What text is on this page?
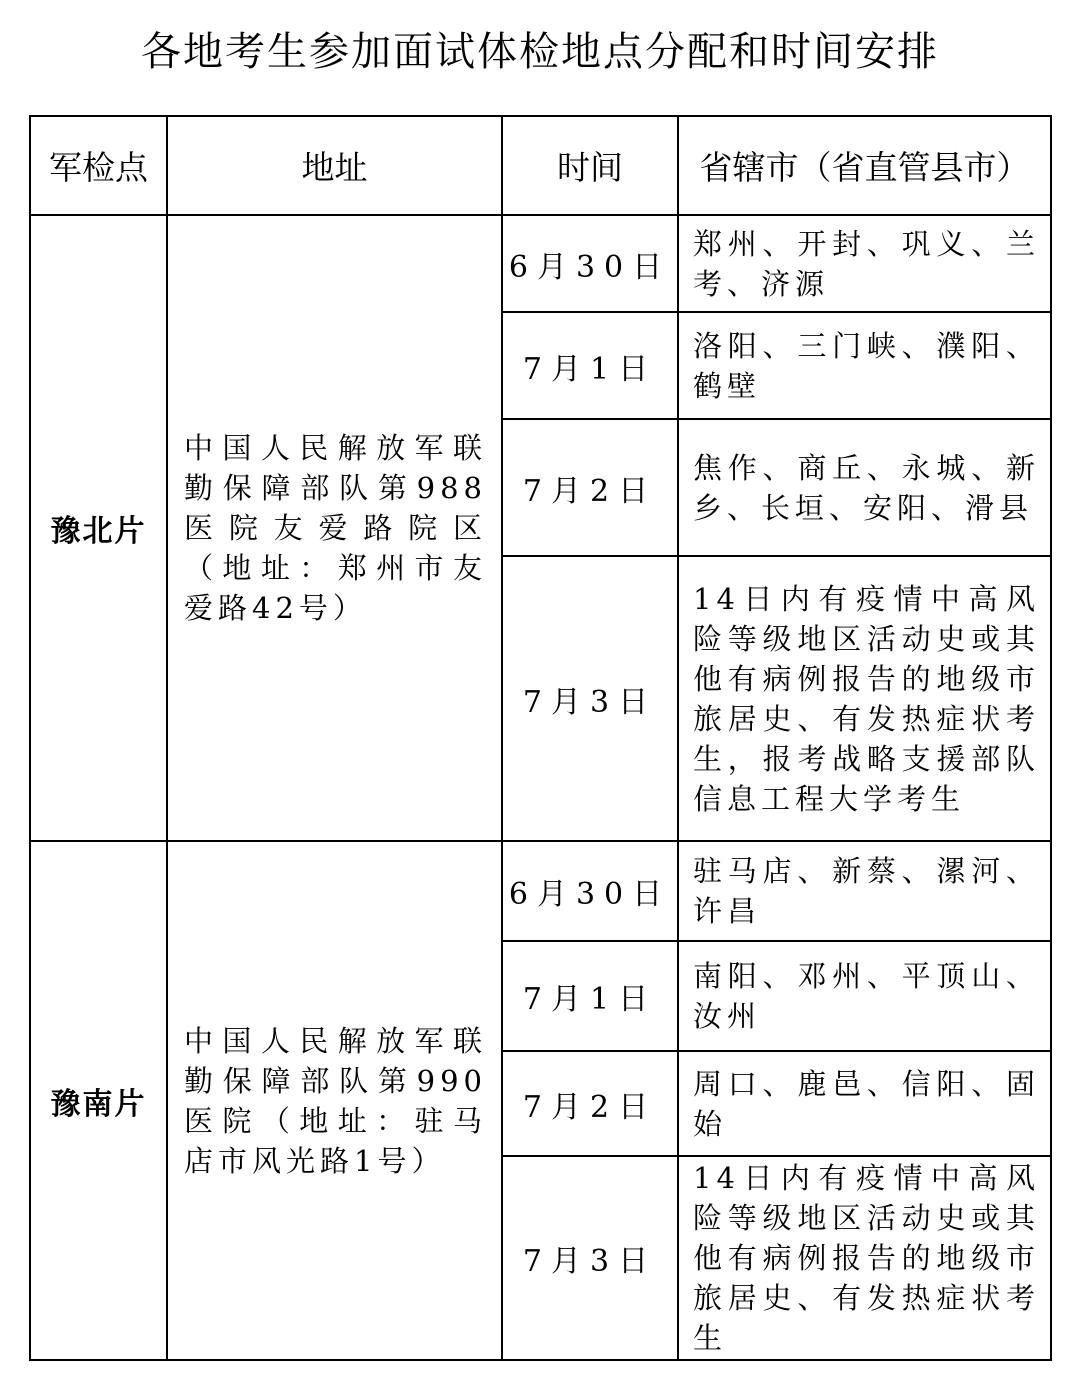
各地考生参加面试体检地点分配和时间安排
军检点	地址	时间	省辖市（省直管县市）
豫北片	中国人民解放军联勤保障部队第988医院友爱路院区（地址：郑州市友爱路42号）	6月30日	郑州、开封、巩义、兰考、济源
		7月1日	洛阳、三门峡、濮阳、鹤壁
		7月2日	焦作、商丘、永城、新乡、长垣、安阳、滑县
		7月3日	14日内有疫情中高风险等级地区活动史或其他有病例报告的地级市旅居史、有发热症状考生，报考战略支援部队信息工程大学考生
豫南片	中国人民解放军联勤保障部队第990医院（地址：驻马店市风光路1号）	6月30日	驻马店、新蔡、漯河、许昌
		7月1日	南阳、邓州、平顶山、汝州
		7月2日	周口、鹿邑、信阳、固始
		7月3日	14日内有疫情中高风险等级地区活动史或其他有病例报告的地级市旅居史、有发热症状考生
